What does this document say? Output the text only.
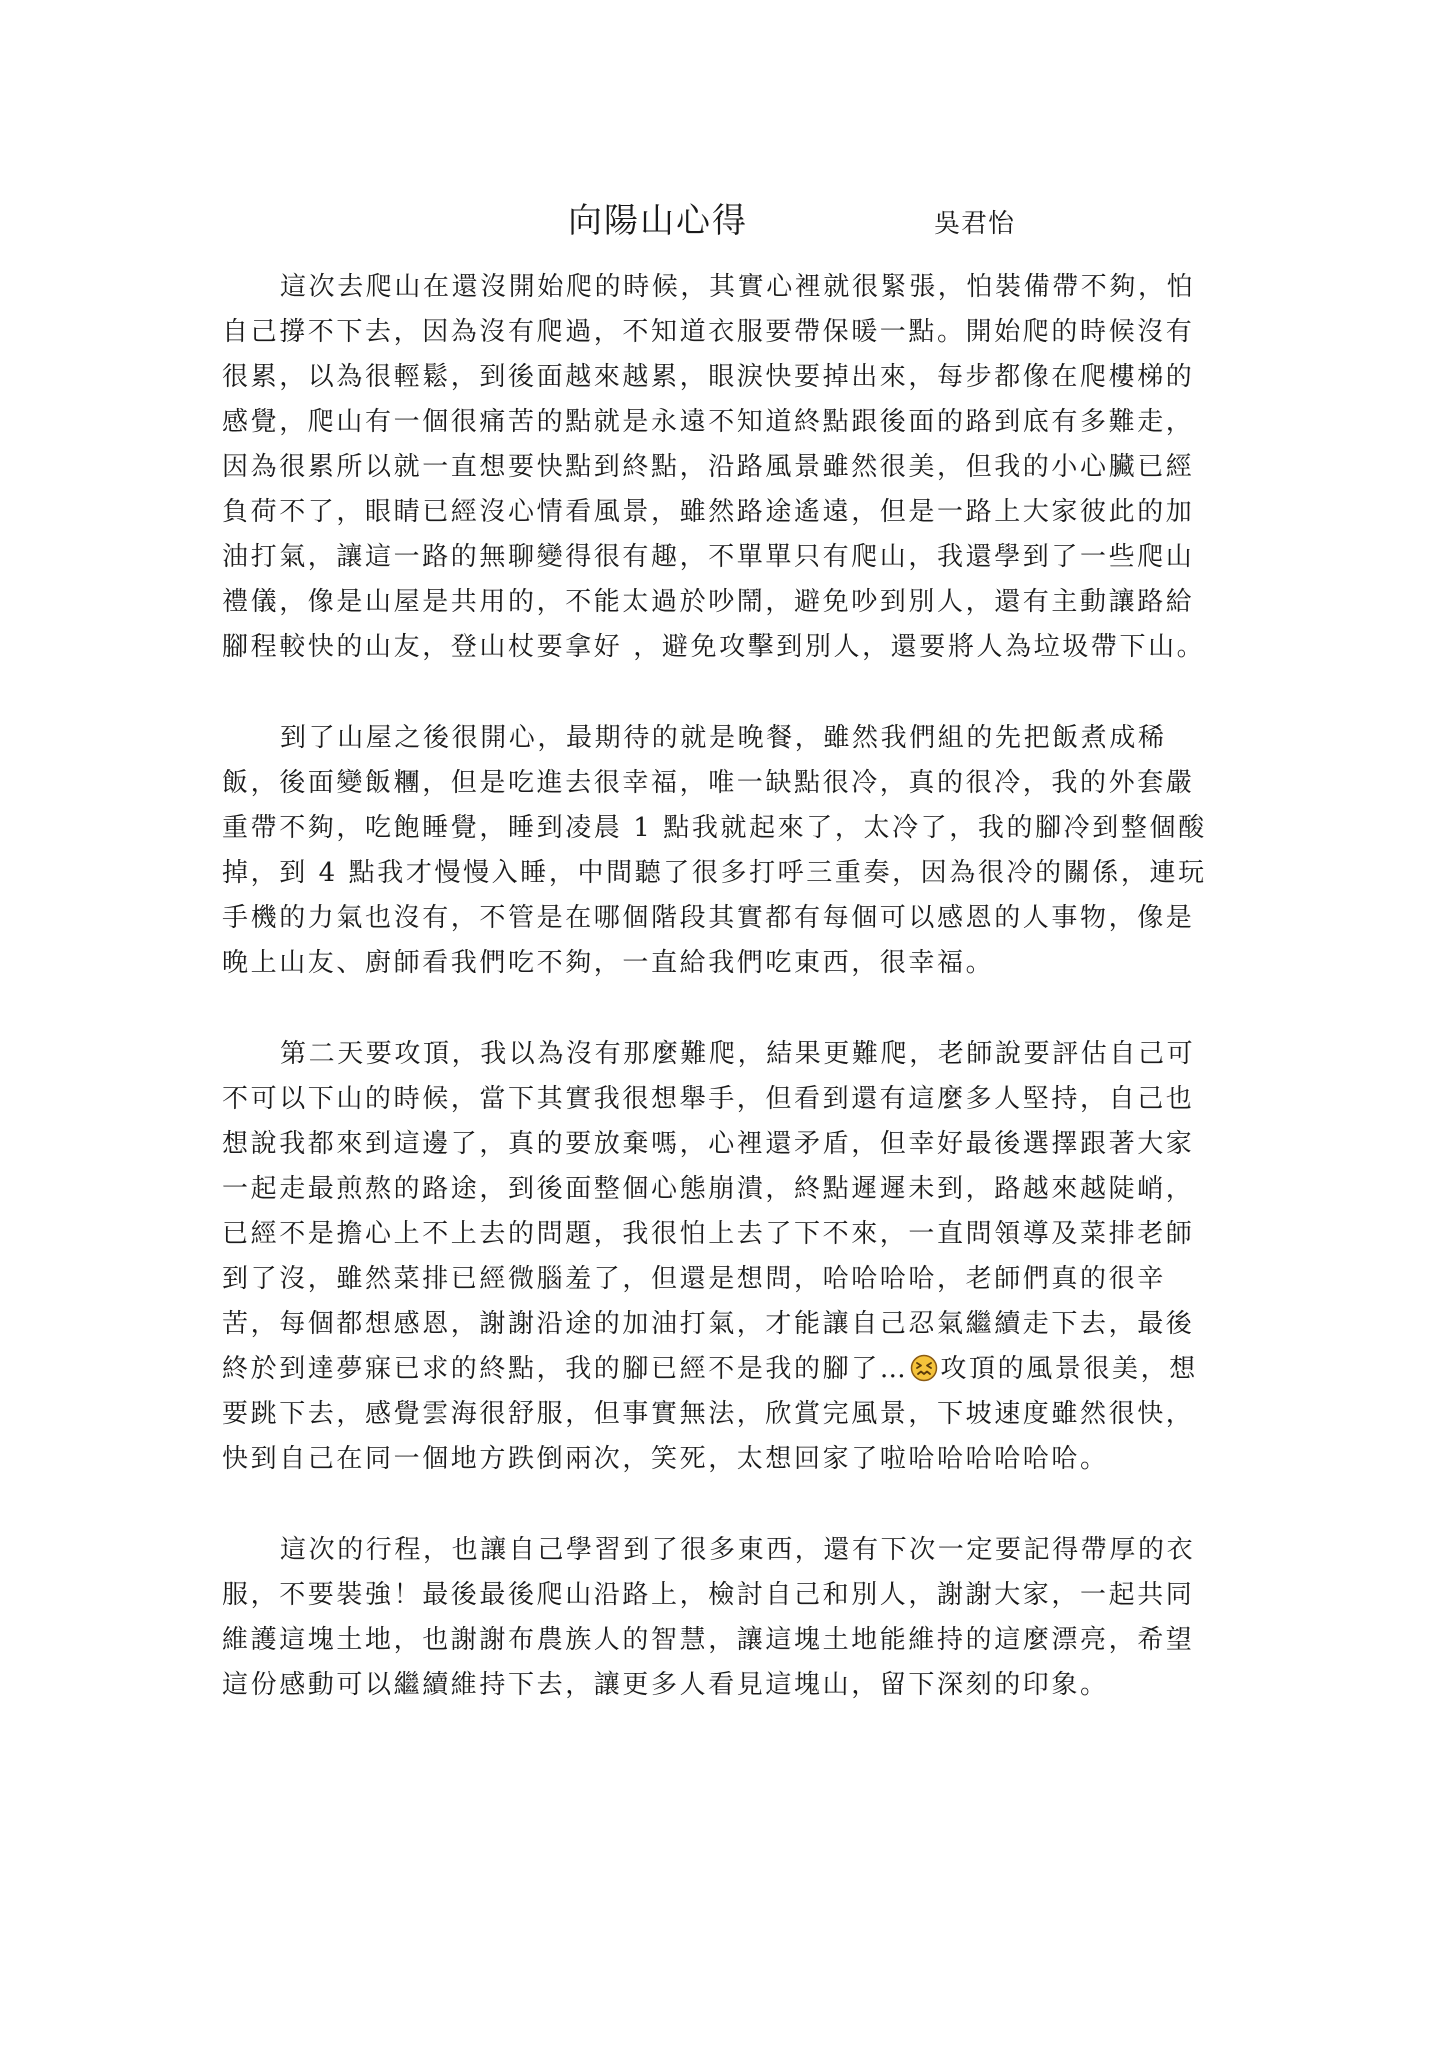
向陽山心得	吳君怡
這次去爬山在還沒開始爬的時候，其實心裡就很緊張，怕裝備帶不夠，怕
自己撐不下去，因為沒有爬過，不知道衣服要帶保暖一點。開始爬的時候沒有
很累，以為很輕鬆，到後面越來越累，眼淚快要掉出來，每步都像在爬樓梯的
感覺，爬山有一個很痛苦的點就是永遠不知道終點跟後面的路到底有多難走，
因為很累所以就一直想要快點到終點，沿路風景雖然很美，但我的小心臟已經
負荷不了，眼睛已經沒心情看風景，雖然路途遙遠，但是一路上大家彼此的加
油打氣，讓這一路的無聊變得很有趣，不單單只有爬山，我還學到了一些爬山
禮儀，像是山屋是共用的，不能太過於吵鬧，避免吵到別人，還有主動讓路給
腳程較快的山友，登山杖要拿好 ，避免攻擊到別人，還要將人為垃圾帶下山。
到了山屋之後很開心，最期待的就是晚餐，雖然我們組的先把飯煮成稀
飯，後面變飯糰，但是吃進去很幸福，唯一缺點很冷，真的很冷，我的外套嚴
重帶不夠，吃飽睡覺，睡到凌晨 1 點我就起來了，太冷了，我的腳冷到整個酸
掉，到 4 點我才慢慢入睡，中間聽了很多打呼三重奏，因為很冷的關係，連玩
手機的力氣也沒有，不管是在哪個階段其實都有每個可以感恩的人事物，像是
晚上山友、廚師看我們吃不夠，一直給我們吃東西，很幸福。
第二天要攻頂，我以為沒有那麼難爬，結果更難爬，老師說要評估自己可
不可以下山的時候，當下其實我很想舉手，但看到還有這麼多人堅持，自己也
想說我都來到這邊了，真的要放棄嗎，心裡還矛盾，但幸好最後選擇跟著大家
一起走最煎熬的路途，到後面整個心態崩潰，終點遲遲未到，路越來越陡峭，
已經不是擔心上不上去的問題，我很怕上去了下不來，一直問領導及菜排老師
到了沒，雖然菜排已經微腦羞了，但還是想問，哈哈哈哈，老師們真的很辛
苦，每個都想感恩，謝謝沿途的加油打氣，才能讓自己忍氣繼續走下去，最後
終於到達夢寐已求的終點，我的腳已經不是我的腳了… 攻頂的風景很美，想
要跳下去，感覺雲海很舒服，但事實無法，欣賞完風景，下坡速度雖然很快，
快到自己在同一個地方跌倒兩次，笑死，太想回家了啦哈哈哈哈哈哈。
這次的行程，也讓自己學習到了很多東西，還有下次一定要記得帶厚的衣
服，不要裝強！最後最後爬山沿路上，檢討自己和別人，謝謝大家，一起共同
維護這塊土地，也謝謝布農族人的智慧，讓這塊土地能維持的這麼漂亮，希望
這份感動可以繼續維持下去，讓更多人看見這塊山，留下深刻的印象。
